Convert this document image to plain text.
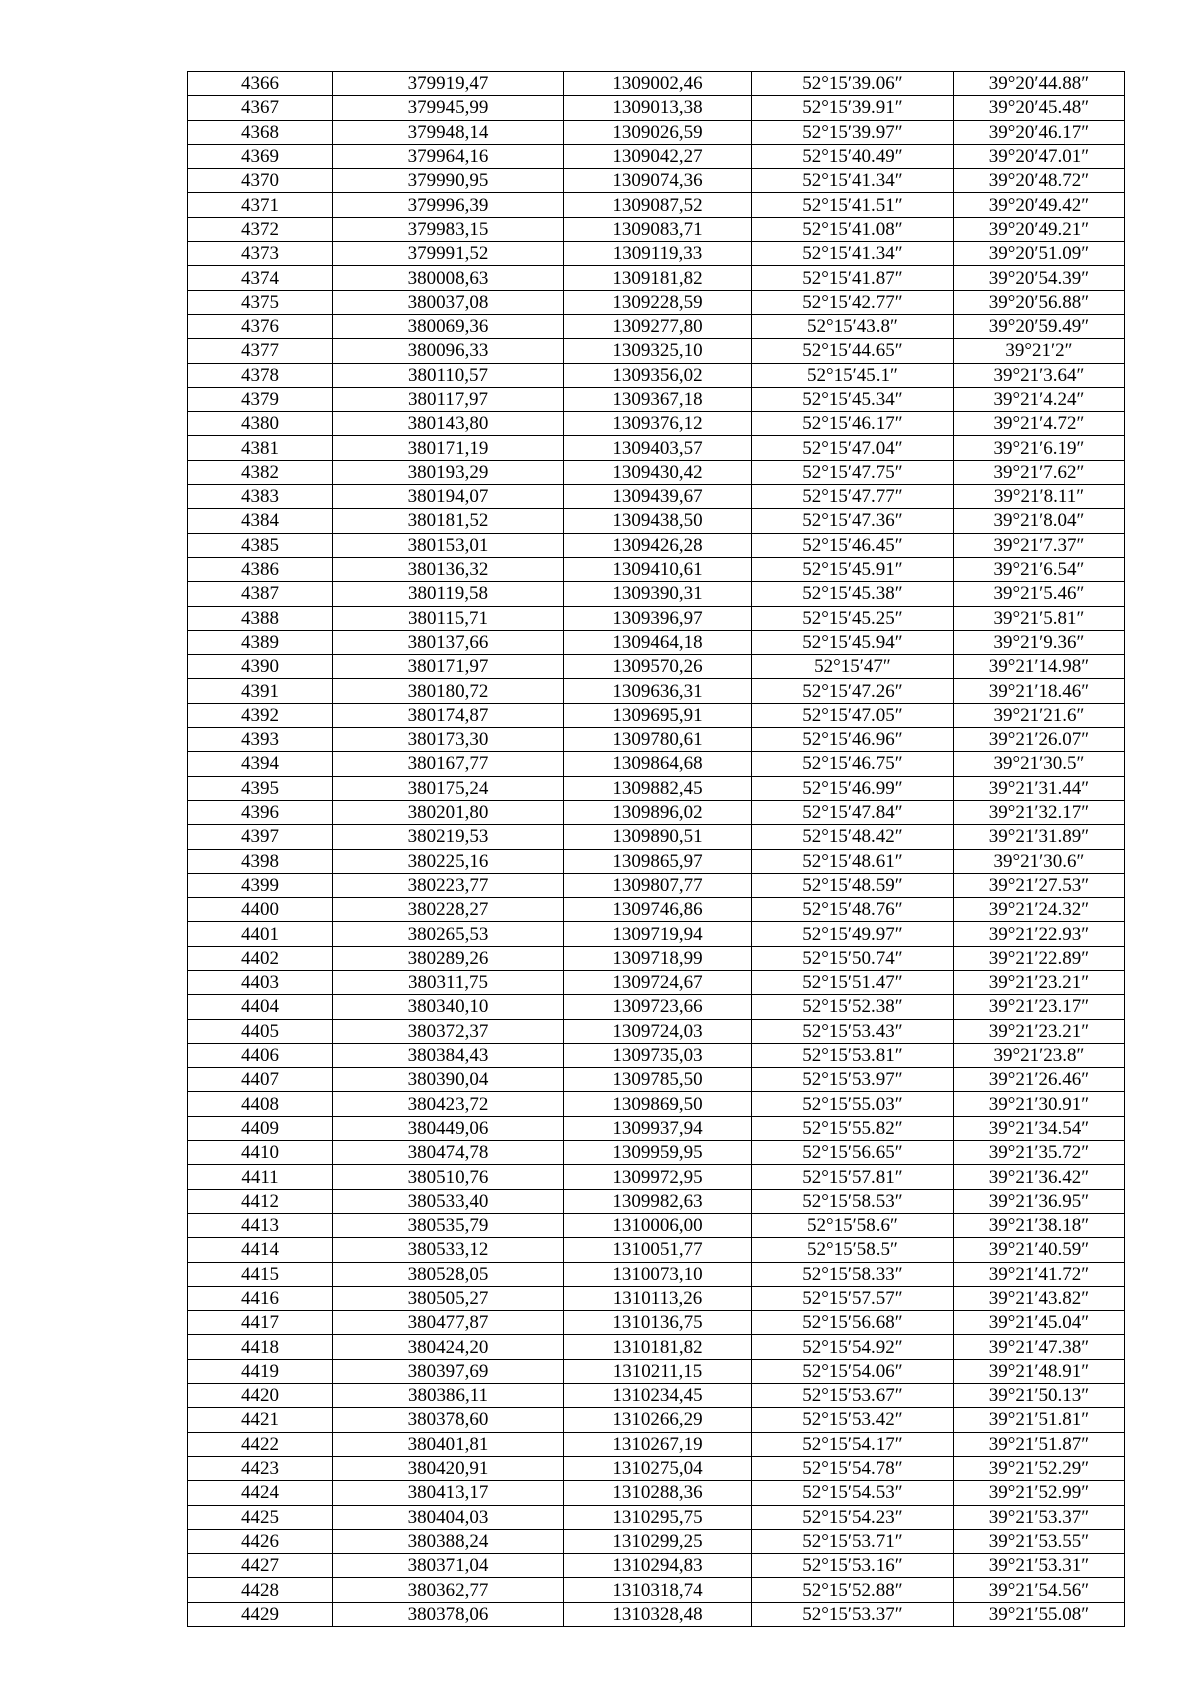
4366	379919,47	1309002,46	52°15′39.06″	39°20′44.88″
4367	379945,99	1309013,38	52°15′39.91″	39°20′45.48″
4368	379948,14	1309026,59	52°15′39.97″	39°20′46.17″
4369	379964,16	1309042,27	52°15′40.49″	39°20′47.01″
4370	379990,95	1309074,36	52°15′41.34″	39°20′48.72″
4371	379996,39	1309087,52	52°15′41.51″	39°20′49.42″
4372	379983,15	1309083,71	52°15′41.08″	39°20′49.21″
4373	379991,52	1309119,33	52°15′41.34″	39°20′51.09″
4374	380008,63	1309181,82	52°15′41.87″	39°20′54.39″
4375	380037,08	1309228,59	52°15′42.77″	39°20′56.88″
4376	380069,36	1309277,80	52°15′43.8″	39°20′59.49″
4377	380096,33	1309325,10	52°15′44.65″	39°21′2″
4378	380110,57	1309356,02	52°15′45.1″	39°21′3.64″
4379	380117,97	1309367,18	52°15′45.34″	39°21′4.24″
4380	380143,80	1309376,12	52°15′46.17″	39°21′4.72″
4381	380171,19	1309403,57	52°15′47.04″	39°21′6.19″
4382	380193,29	1309430,42	52°15′47.75″	39°21′7.62″
4383	380194,07	1309439,67	52°15′47.77″	39°21′8.11″
4384	380181,52	1309438,50	52°15′47.36″	39°21′8.04″
4385	380153,01	1309426,28	52°15′46.45″	39°21′7.37″
4386	380136,32	1309410,61	52°15′45.91″	39°21′6.54″
4387	380119,58	1309390,31	52°15′45.38″	39°21′5.46″
4388	380115,71	1309396,97	52°15′45.25″	39°21′5.81″
4389	380137,66	1309464,18	52°15′45.94″	39°21′9.36″
4390	380171,97	1309570,26	52°15′47″	39°21′14.98″
4391	380180,72	1309636,31	52°15′47.26″	39°21′18.46″
4392	380174,87	1309695,91	52°15′47.05″	39°21′21.6″
4393	380173,30	1309780,61	52°15′46.96″	39°21′26.07″
4394	380167,77	1309864,68	52°15′46.75″	39°21′30.5″
4395	380175,24	1309882,45	52°15′46.99″	39°21′31.44″
4396	380201,80	1309896,02	52°15′47.84″	39°21′32.17″
4397	380219,53	1309890,51	52°15′48.42″	39°21′31.89″
4398	380225,16	1309865,97	52°15′48.61″	39°21′30.6″
4399	380223,77	1309807,77	52°15′48.59″	39°21′27.53″
4400	380228,27	1309746,86	52°15′48.76″	39°21′24.32″
4401	380265,53	1309719,94	52°15′49.97″	39°21′22.93″
4402	380289,26	1309718,99	52°15′50.74″	39°21′22.89″
4403	380311,75	1309724,67	52°15′51.47″	39°21′23.21″
4404	380340,10	1309723,66	52°15′52.38″	39°21′23.17″
4405	380372,37	1309724,03	52°15′53.43″	39°21′23.21″
4406	380384,43	1309735,03	52°15′53.81″	39°21′23.8″
4407	380390,04	1309785,50	52°15′53.97″	39°21′26.46″
4408	380423,72	1309869,50	52°15′55.03″	39°21′30.91″
4409	380449,06	1309937,94	52°15′55.82″	39°21′34.54″
4410	380474,78	1309959,95	52°15′56.65″	39°21′35.72″
4411	380510,76	1309972,95	52°15′57.81″	39°21′36.42″
4412	380533,40	1309982,63	52°15′58.53″	39°21′36.95″
4413	380535,79	1310006,00	52°15′58.6″	39°21′38.18″
4414	380533,12	1310051,77	52°15′58.5″	39°21′40.59″
4415	380528,05	1310073,10	52°15′58.33″	39°21′41.72″
4416	380505,27	1310113,26	52°15′57.57″	39°21′43.82″
4417	380477,87	1310136,75	52°15′56.68″	39°21′45.04″
4418	380424,20	1310181,82	52°15′54.92″	39°21′47.38″
4419	380397,69	1310211,15	52°15′54.06″	39°21′48.91″
4420	380386,11	1310234,45	52°15′53.67″	39°21′50.13″
4421	380378,60	1310266,29	52°15′53.42″	39°21′51.81″
4422	380401,81	1310267,19	52°15′54.17″	39°21′51.87″
4423	380420,91	1310275,04	52°15′54.78″	39°21′52.29″
4424	380413,17	1310288,36	52°15′54.53″	39°21′52.99″
4425	380404,03	1310295,75	52°15′54.23″	39°21′53.37″
4426	380388,24	1310299,25	52°15′53.71″	39°21′53.55″
4427	380371,04	1310294,83	52°15′53.16″	39°21′53.31″
4428	380362,77	1310318,74	52°15′52.88″	39°21′54.56″
4429	380378,06	1310328,48	52°15′53.37″	39°21′55.08″
